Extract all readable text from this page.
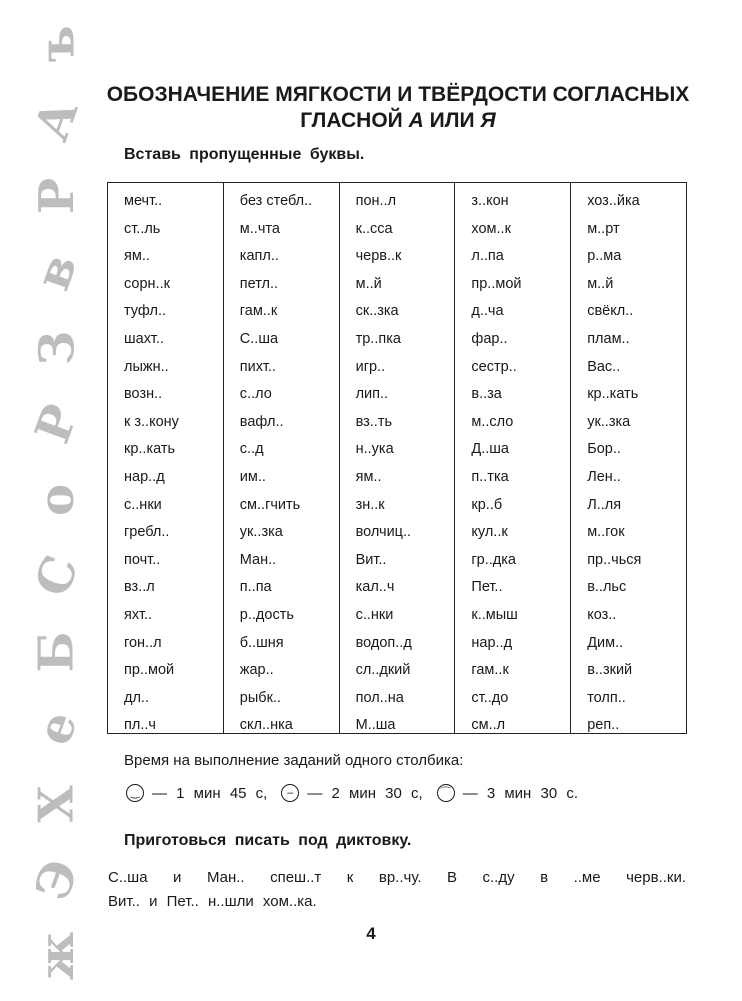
ъ
А
Р
в
З
Р
о
С
Б
е
Х
Э
ж
ОБОЗНАЧЕНИЕ МЯГКОСТИ И ТВЁРДОСТИ СОГЛАСНЫХ
ГЛАСНОЙ А ИЛИ Я

Вставь пропущенные буквы.

мечт..
ст..ль
ям..
сорн..к
туфл..
шахт..
лыжн..
возн..
к з..кону
кр..кать
нар..д
с..нки
гребл..
почт..
вз..л
яхт..
гон..л
пр..мой
дл..
пл..ч
без стебл..
м..чта
капл..
петл..
гам..к
С..ша
пихт..
с..ло
вафл..
с..д
им..
см..гчить
ук..зка
Ман..
п..па
р..дость
б..шня
жар..
рыбк..
скл..нка
пон..л
к..сса
черв..к
м..й
ск..зка
тр..пка
игр..
лип..
вз..ть
н..ука
ям..
зн..к
волчиц..
Вит..
кал..ч
с..нки
водоп..д
сл..дкий
пол..на
М..ша
з..кон
хом..к
л..па
пр..мой
д..ча
фар..
сестр..
в..за
м..сло
Д..ша
п..тка
кр..б
кул..к
гр..дка
Пет..
к..мыш
нар..д
гам..к
ст..до
см..л
хоз..йка
м..рт
р..ма
м..й
свёкл..
плам..
Вас..
кр..кать
ук..зка
Бор..
Лен..
Л..ля
м..гок
пр..чься
в..льс
коз..
Дим..
в..зкий
толп..
реп..

Время на выполнение заданий одного столбика:

‿ — 1 мин 45 с,	– — 2 мин 30 с,	⌒ — 3 мин 30 с.

Приготовься писать под диктовку.

С..ша и Ман.. спеш..т к вр..чу. В с..ду в ..ме черв..ки.
Вит.. и Пет.. н..шли хом..ка.

4
